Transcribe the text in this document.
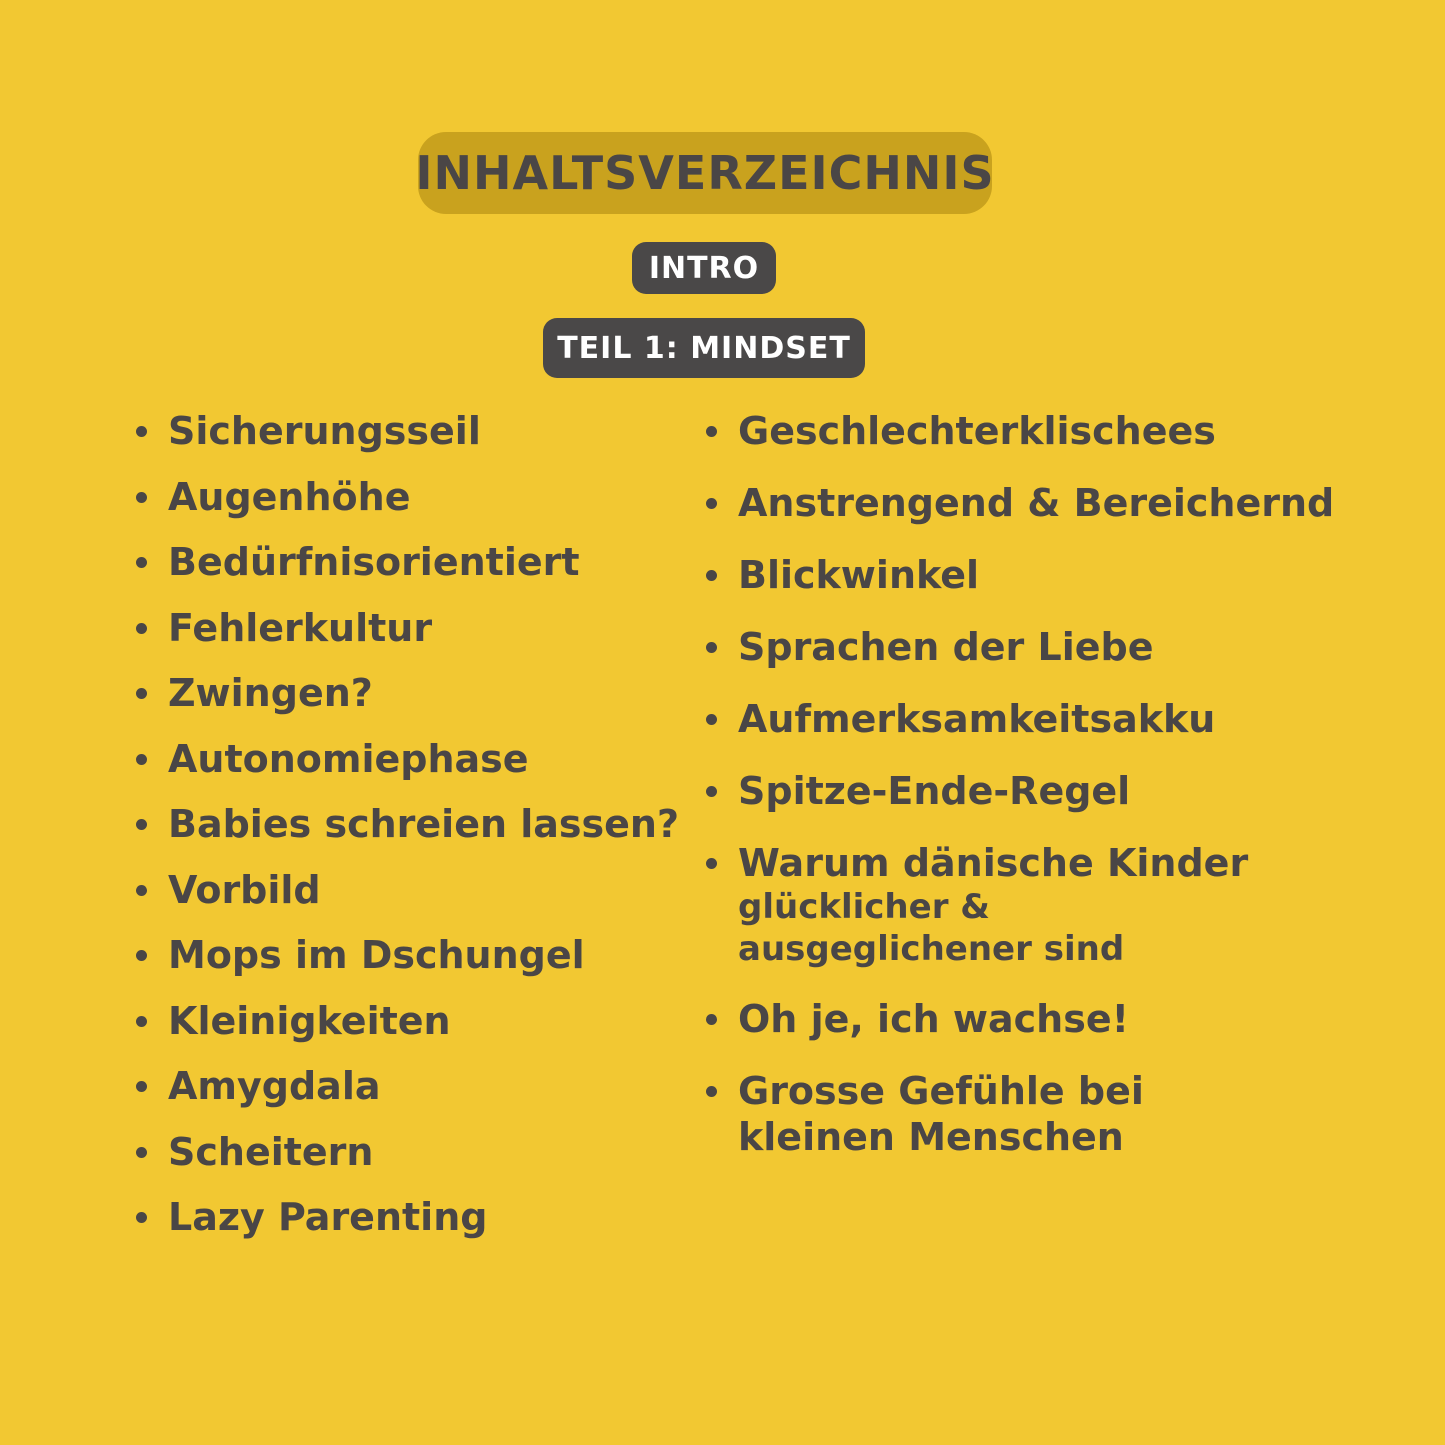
INHALTSVERZEICHNIS
INTRO
TEIL 1: MINDSET
Sicherungsseil
Augenhöhe
Bedürfnisorientiert
Fehlerkultur
Zwingen?
Autonomiephase
Babies schreien lassen?
Vorbild
Mops im Dschungel
Kleinigkeiten
Amygdala
Scheitern
Lazy Parenting
Geschlechterklischees
Anstrengend & Bereichernd
Blickwinkel
Sprachen der Liebe
Aufmerksamkeitsakku
Spitze-Ende-Regel
Warum dänische Kinder
glücklicher &
ausgeglichener sind
Oh je, ich wachse!
Grosse Gefühle bei
kleinen Menschen
